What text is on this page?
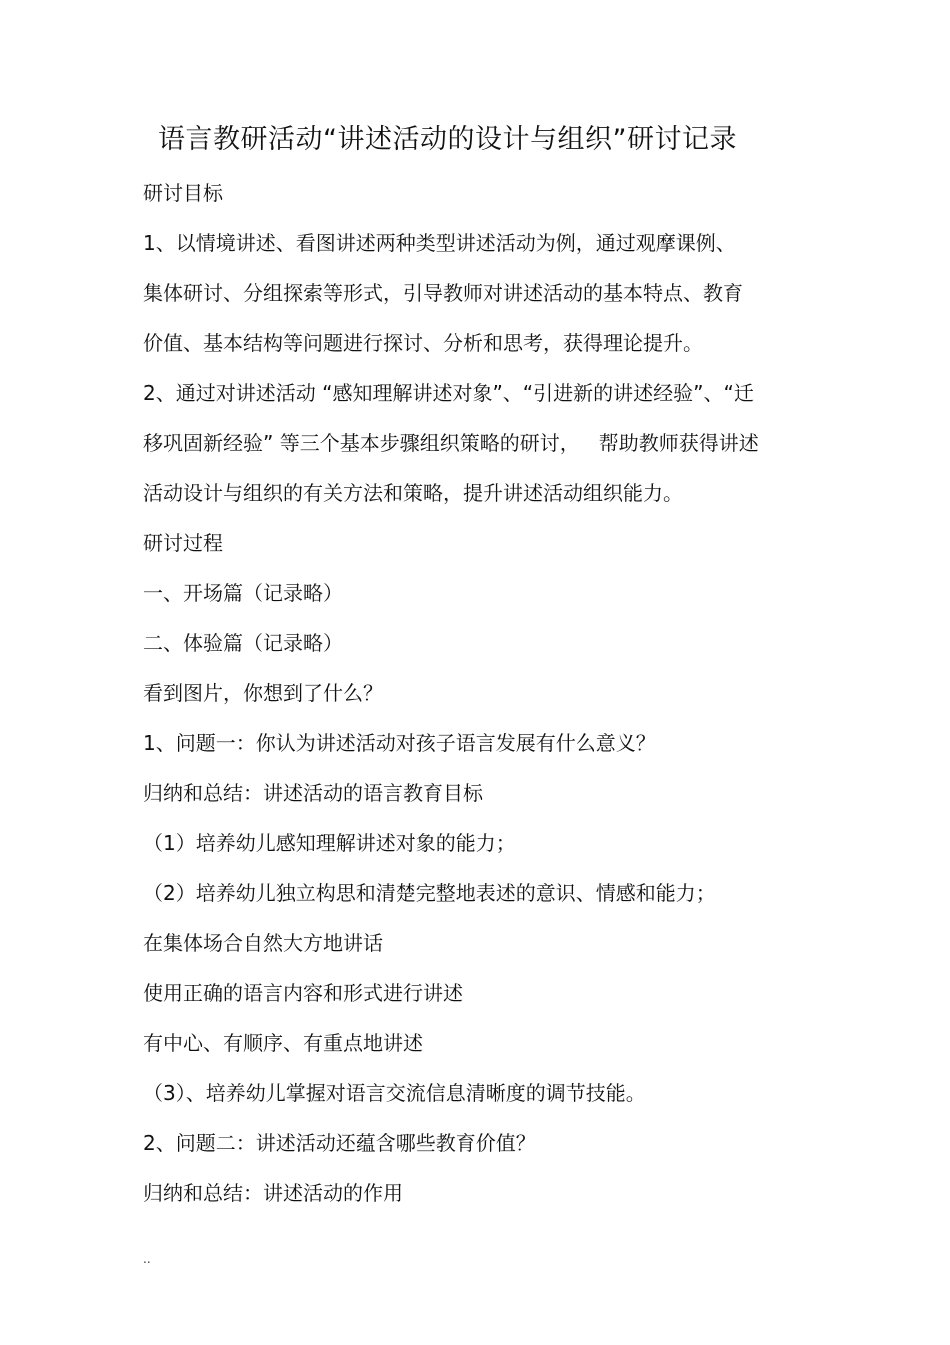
语言教研活动“讲述活动的设计与组织”研讨记录
研讨目标
1、以情境讲述、看图讲述两种类型讲述活动为例，通过观摩课例、
集体研讨、分组探索等形式，引导教师对讲述活动的基本特点、教育
价值、基本结构等问题进行探讨、分析和思考，获得理论提升。
2、通过对讲述活动 “感知理解讲述对象”、“引进新的讲述经验”、“迁
移巩固新经验” 等三个基本步骤组织策略的研讨，   帮助教师获得讲述
活动设计与组织的有关方法和策略，提升讲述活动组织能力。
研讨过程
一、开场篇（记录略）
二、体验篇（记录略）
看到图片，你想到了什么？
1、问题一：你认为讲述活动对孩子语言发展有什么意义？
归纳和总结：讲述活动的语言教育目标
（1）培养幼儿感知理解讲述对象的能力；
（2）培养幼儿独立构思和清楚完整地表述的意识、情感和能力；
在集体场合自然大方地讲话
使用正确的语言内容和形式进行讲述
有中心、有顺序、有重点地讲述
（3）、培养幼儿掌握对语言交流信息清晰度的调节技能。
2、问题二：讲述活动还蕴含哪些教育价值？
归纳和总结：讲述活动的作用
..
